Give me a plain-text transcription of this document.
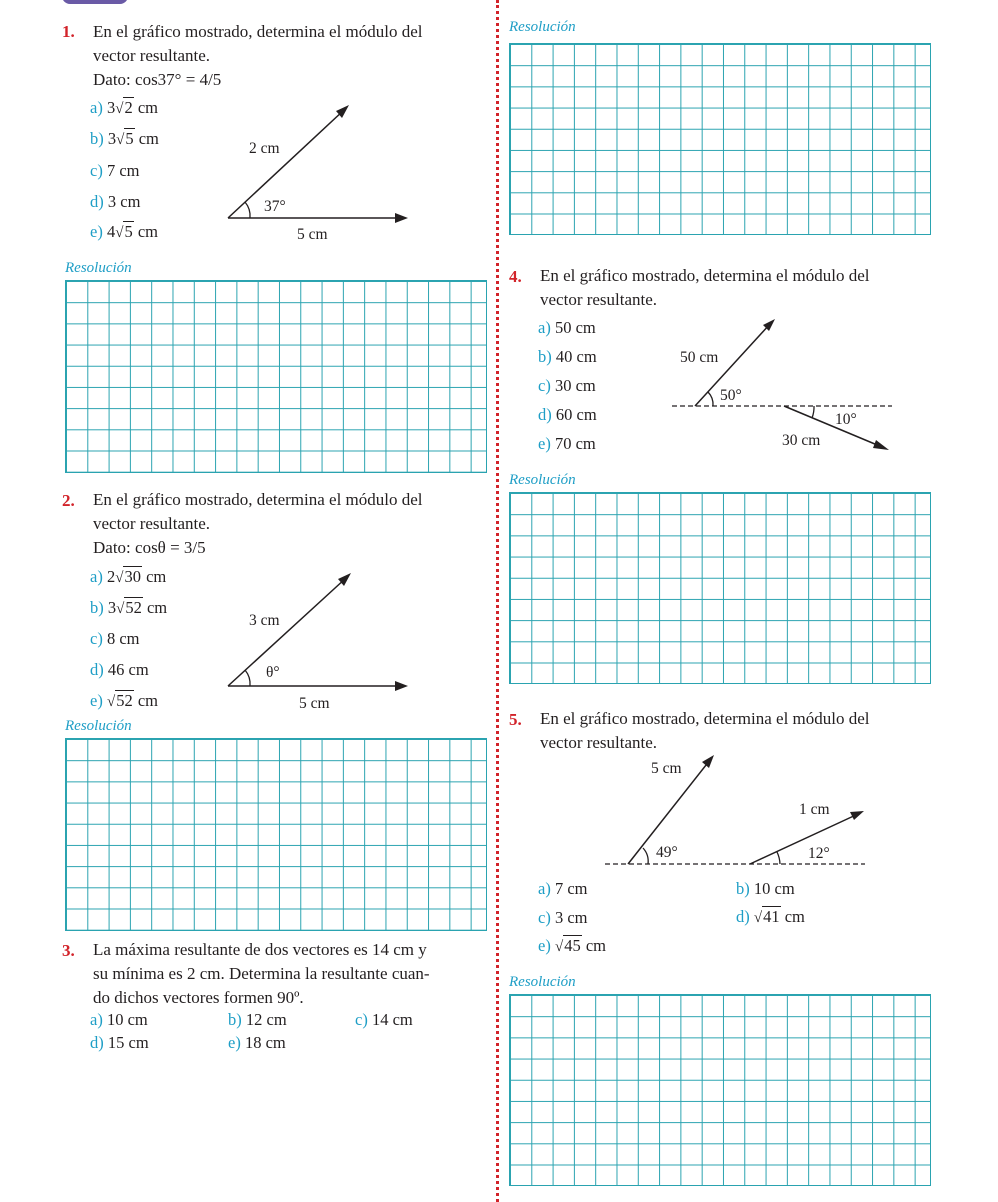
1. En el gráfico mostrado, determina el módulo del
vector resultante.
Dato: cos37° = 4/5
a) 3√2 cm
b) 3√5 cm
c) 7 cm
d) 3 cm
e) 4√5 cm
2 cm
37°
5 cm
Resolución
2. En el gráfico mostrado, determina el módulo del
vector resultante.
Dato: cosθ = 3/5
a) 2√30 cm
b) 3√52 cm
c) 8 cm
d) 46 cm
e) √52 cm
3 cm
θ°
5 cm
Resolución
3. La máxima resultante de dos vectores es 14 cm y
su mínima es 2 cm. Determina la resultante cuan-
do dichos vectores formen 90º.
a) 10 cm	b) 12 cm	c) 14 cm
d) 15 cm	e) 18 cm
Resolución
4. En el gráfico mostrado, determina el módulo del
vector resultante.
a) 50 cm
b) 40 cm
c) 30 cm
d) 60 cm
e) 70 cm
50 cm
50°
10°
30 cm
Resolución
5. En el gráfico mostrado, determina el módulo del
vector resultante.
5 cm
49°
1 cm
12°
a) 7 cm	b) 10 cm
c) 3 cm	d) √41 cm
e) √45 cm
Resolución
